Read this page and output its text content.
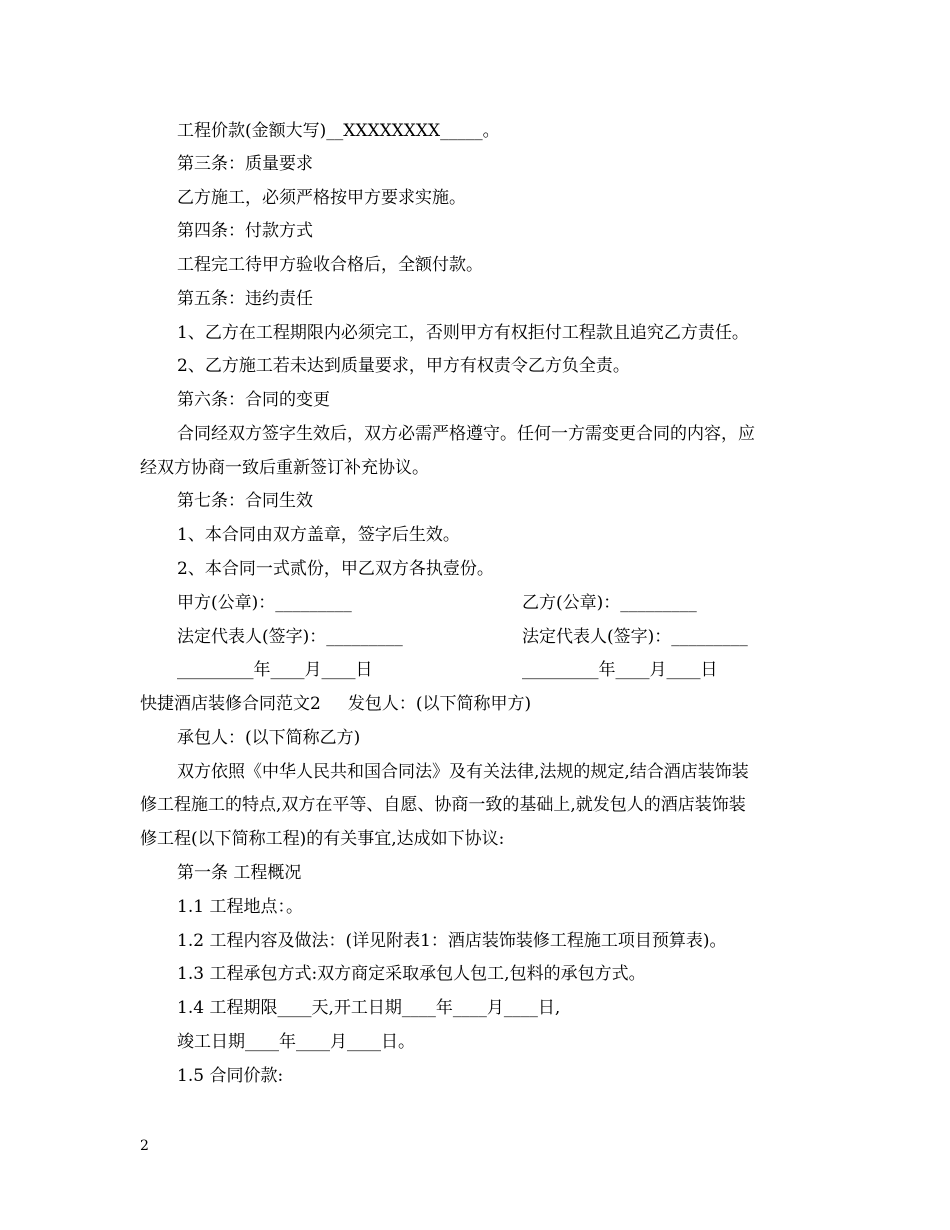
工程价款(金额大写)__XXXXXXXX_____。
第三条：质量要求
乙方施工，必须严格按甲方要求实施。
第四条：付款方式
工程完工待甲方验收合格后，全额付款。
第五条：违约责任
1、乙方在工程期限内必须完工，否则甲方有权拒付工程款且追究乙方责任。
2、乙方施工若未达到质量要求，甲方有权责令乙方负全责。
第六条：合同的变更
合同经双方签字生效后，双方必需严格遵守。任何一方需变更合同的内容，应
经双方协商一致后重新签订补充协议。
第七条：合同生效
1、本合同由双方盖章，签字后生效。
2、本合同一式贰份，甲乙双方各执壹份。
甲方(公章)：_________	乙方(公章)：_________
法定代表人(签字)：_________	法定代表人(签字)：_________
_________年____月____日	_________年____月____日
快捷酒店装修合同范文2     发包人：(以下简称甲方)
承包人：(以下简称乙方)
双方依照《中华人民共和国合同法》及有关法律,法规的规定,结合酒店装饰装
修工程施工的特点,双方在平等、自愿、协商一致的基础上,就发包人的酒店装饰装
修工程(以下简称工程)的有关事宜,达成如下协议:
第一条 工程概况
1.1 工程地点：。
1.2 工程内容及做法：(详见附表1：酒店装饰装修工程施工项目预算表)。
1.3 工程承包方式:双方商定采取承包人包工,包料的承包方式。
1.4 工程期限____天,开工日期____年____月____日,
竣工日期____年____月____日。
1.5 合同价款:
2
